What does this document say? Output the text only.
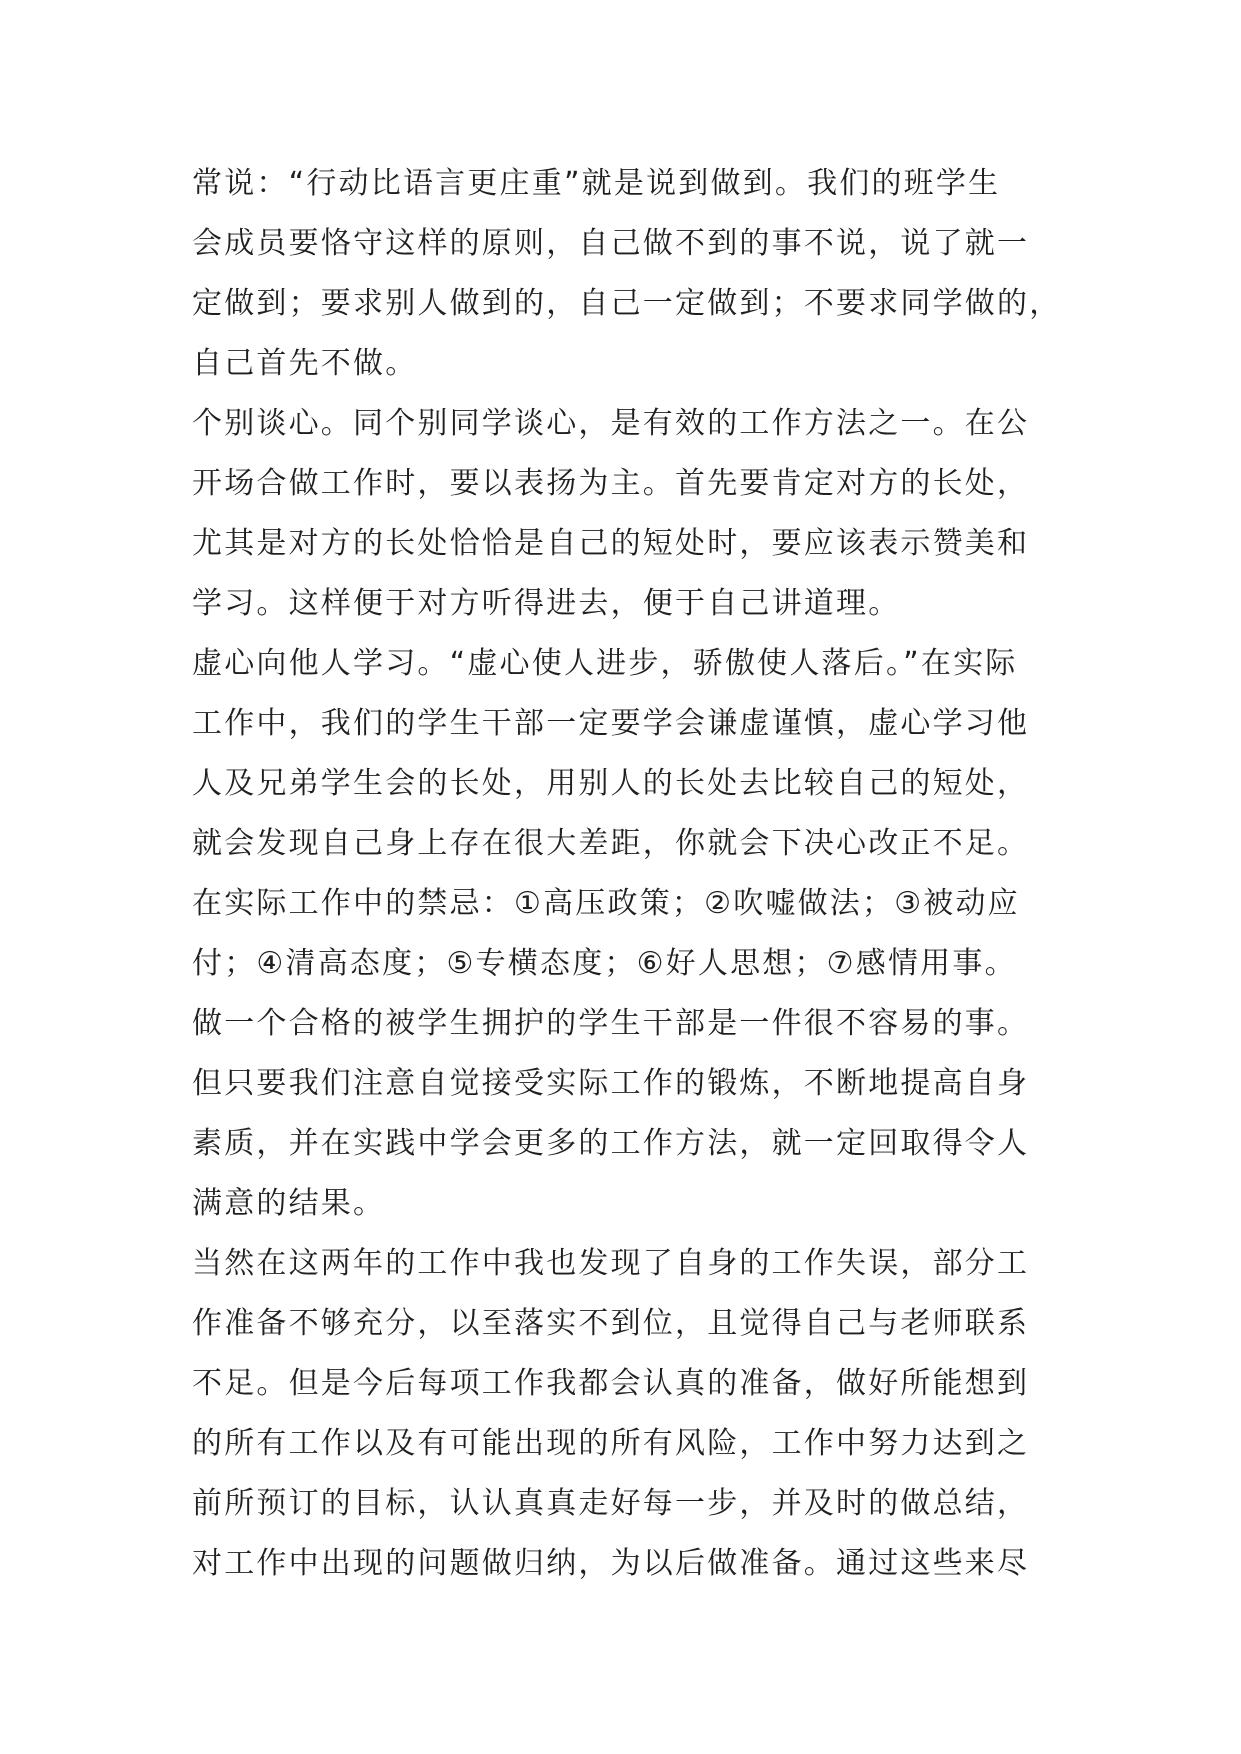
常说：“行动比语言更庄重”就是说到做到。我们的班学生
会成员要恪守这样的原则，自己做不到的事不说，说了就一
定做到；要求别人做到的，自己一定做到；不要求同学做的，
自己首先不做。
个别谈心。同个别同学谈心，是有效的工作方法之一。在公
开场合做工作时，要以表扬为主。首先要肯定对方的长处，
尤其是对方的长处恰恰是自己的短处时，要应该表示赞美和
学习。这样便于对方听得进去，便于自己讲道理。
虚心向他人学习。“虚心使人进步，骄傲使人落后。”在实际
工作中，我们的学生干部一定要学会谦虚谨慎，虚心学习他
人及兄弟学生会的长处，用别人的长处去比较自己的短处，
就会发现自己身上存在很大差距，你就会下决心改正不足。
在实际工作中的禁忌：①高压政策；②吹嘘做法；③被动应
付；④清高态度；⑤专横态度；⑥好人思想；⑦感情用事。
做一个合格的被学生拥护的学生干部是一件很不容易的事。
但只要我们注意自觉接受实际工作的锻炼，不断地提高自身
素质，并在实践中学会更多的工作方法，就一定回取得令人
满意的结果。
当然在这两年的工作中我也发现了自身的工作失误，部分工
作准备不够充分，以至落实不到位，且觉得自己与老师联系
不足。但是今后每项工作我都会认真的准备，做好所能想到
的所有工作以及有可能出现的所有风险，工作中努力达到之
前所预订的目标，认认真真走好每一步，并及时的做总结，
对工作中出现的问题做归纳，为以后做准备。通过这些来尽
